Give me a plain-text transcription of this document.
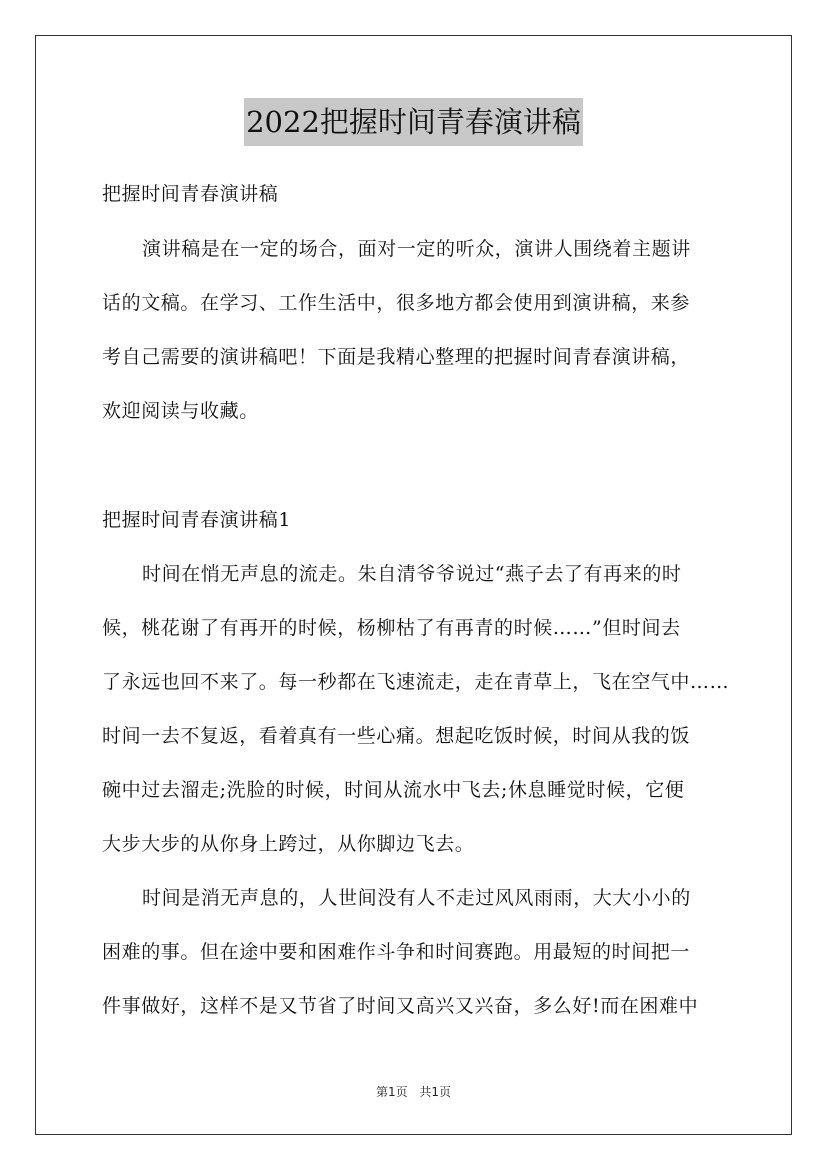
2022把握时间青春演讲稿
把握时间青春演讲稿
演讲稿是在一定的场合，面对一定的听众，演讲人围绕着主题讲
话的文稿。在学习、工作生活中，很多地方都会使用到演讲稿，来参
考自己需要的演讲稿吧！下面是我精心整理的把握时间青春演讲稿，
欢迎阅读与收藏。
把握时间青春演讲稿1
时间在悄无声息的流走。朱自清爷爷说过“燕子去了有再来的时
候，桃花谢了有再开的时候，杨柳枯了有再青的时候……”但时间去
了永远也回不来了。每一秒都在飞速流走，走在青草上，飞在空气中……
时间一去不复返，看着真有一些心痛。想起吃饭时候，时间从我的饭
碗中过去溜走;洗脸的时候，时间从流水中飞去;休息睡觉时候，它便
大步大步的从你身上跨过，从你脚边飞去。
时间是消无声息的，人世间没有人不走过风风雨雨，大大小小的
困难的事。但在途中要和困难作斗争和时间赛跑。用最短的时间把一
件事做好，这样不是又节省了时间又高兴又兴奋，多么好!而在困难中
第1页 共1页
